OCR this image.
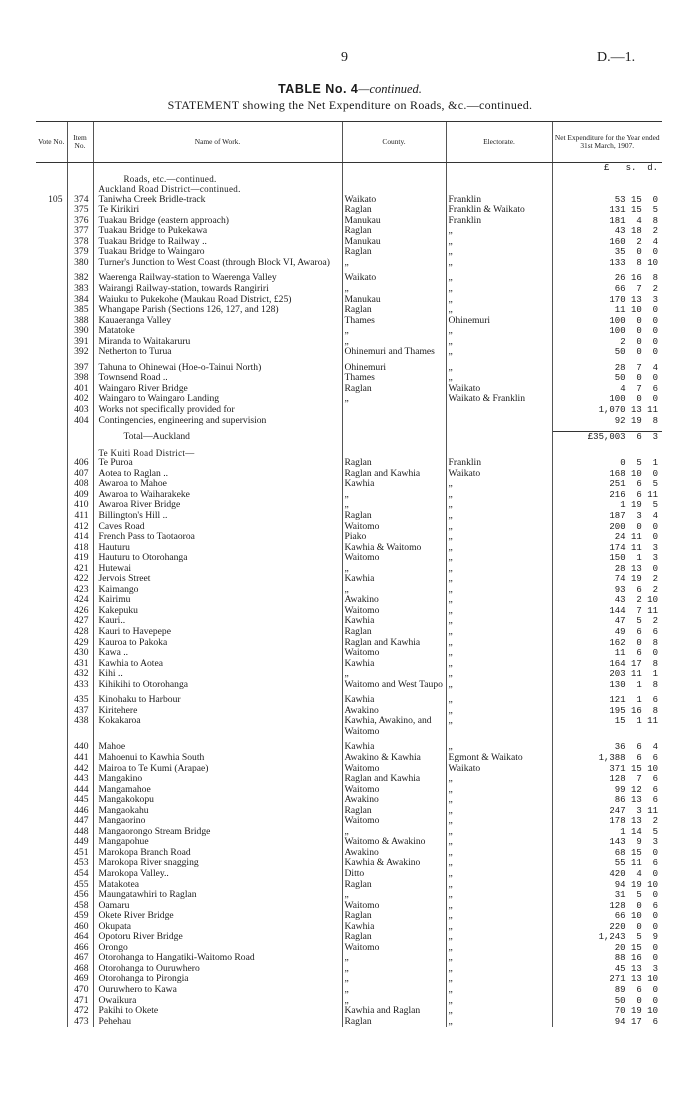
9	D.—1.
TABLE No. 4—continued.
STATEMENT showing the Net Expenditure on Roads, &c.—continued.
Vote No.	Item No.	Name of Work.	County.	Electorate.	Net Expenditure for the Year ended 31st March, 1907.
					£   s.  d.
		Roads, etc.—continued.			
		Auckland Road District—continued.			
105	374	Taniwha Creek Bridle-track	Waikato	Franklin	53 15  0
	375	Te Kirikiri	Raglan	Franklin & Waikato	131 15  5
	376	Tuakau Bridge (eastern approach)	Manukau	Franklin	181  4  8
	377	Tuakau Bridge to Pukekawa	Raglan	„	43 18  2
	378	Tuakau Bridge to Railway ..	Manukau	„	160  2  4
	379	Tuakau Bridge to Waingaro	Raglan	„	35  0  0
	380	Turner's Junction to West Coast (through Block VI, Awaroa)	„	„	133  8 10

	382	Waerenga Railway-station to Waerenga Valley	Waikato	„	26 16  8
	383	Wairangi Railway-station, towards Rangiriri	„	„	66  7  2
	384	Waiuku to Pukekohe (Maukau Road District, £25)	Manukau	„	170 13  3
	385	Whangape Parish (Sections 126, 127, and 128)	Raglan	„	11 10  0
	388	Kauaeranga Valley	Thames	Ohinemuri	100  0  0
	390	Matatoke	„	„	100  0  0
	391	Miranda to Waitakaruru	„	„	2  0  0
	392	Netherton to Turua	Ohinemuri and Thames	„	50  0  0

	397	Tahuna to Ohinewai (Hoe-o-Tainui North)	Ohinemuri	„	28  7  4
	398	Townsend Road ..	Thames	„	50  0  0
	401	Waingaro River Bridge	Raglan	Waikato	4  7  6
	402	Waingaro to Waingaro Landing	„	Waikato & Franklin	100  0  0
	403	Works not specifically provided for			1,070 13 11
	404	Contingencies, engineering and supervision			92 19  8

		Total—Auckland			£35,003  6  3

		Te Kuiti Road District—			
	406	Te Puroa	Raglan	Franklin	0  5  1
	407	Aotea to Raglan ..	Raglan and Kawhia	Waikato	168 10  0
	408	Awaroa to Mahoe	Kawhia	„	251  6  5
	409	Awaroa to Waiharakeke	„	„	216  6 11
	410	Awaroa River Bridge	„	„	1 19  5
	411	Billington's Hill ..	Raglan	„	187  3  4
	412	Caves Road	Waitomo	„	200  0  0
	414	French Pass to Taotaoroa	Piako	„	24 11  0
	418	Hauturu	Kawhia & Waitomo	„	174 11  3
	419	Hauturu to Otorohanga	Waitomo	„	150  1  3
	421	Hutewai	„	„	28 13  0
	422	Jervois Street	Kawhia	„	74 19  2
	423	Kaimango	„	„	93  6  2
	424	Kairimu	Awakino	„	43  2 10
	426	Kakepuku	Waitomo	„	144  7 11
	427	Kauri..	Kawhia	„	47  5  2
	428	Kauri to Havepepe	Raglan	„	49  6  6
	429	Kauroa to Pakoka	Raglan and Kawhia	„	162  0  8
	430	Kawa ..	Waitomo	„	11  6  0
	431	Kawhia to Aotea	Kawhia	„	164 17  8
	432	Kihi ..	„	„	203 11  1
	433	Kihikihi to Otorohanga	Waitomo and West Taupo	„	130  1  8

	435	Kinohaku to Harbour	Kawhia	„	121  1  6
	437	Kiritehere	Awakino	„	195 16  8
	438	Kokakaroa	Kawhia, Awakino, and Waitomo	„	15  1 11

	440	Mahoe	Kawhia	„	36  6  4
	441	Mahoenui to Kawhia South	Awakino & Kawhia	Egmont & Waikato	1,388  6  6
	442	Mairoa to Te Kumi (Arapae)	Waitomo	Waikato	371 15 10
	443	Mangakino	Raglan and Kawhia	„	128  7  6
	444	Mangamahoe	Waitomo	„	99 12  6
	445	Mangakokopu	Awakino	„	86 13  6
	446	Mangaokahu	Raglan	„	247  3 11
	447	Mangaorino	Waitomo	„	178 13  2
	448	Mangaorongo Stream Bridge	„	„	1 14  5
	449	Mangapohue	Waitomo & Awakino	„	143  9  3
	451	Marokopa Branch Road	Awakino	„	68 15  0
	453	Marokopa River snagging	Kawhia & Awakino	„	55 11  6
	454	Marokopa Valley..	Ditto	„	420  4  0
	455	Matakotea	Raglan	„	94 19 10
	456	Maungatawhiri to Raglan	„	„	31  5  0
	458	Oamaru	Waitomo	„	128  0  6
	459	Okete River Bridge	Raglan	„	66 10  0
	460	Okupata	Kawhia	„	220  0  0
	464	Opotoru River Bridge	Raglan	„	1,243  5  9
	466	Orongo	Waitomo	„	20 15  0
	467	Otorohanga to Hangatiki-Waitomo Road	„	„	88 16  0
	468	Otorohanga to Ouruwhero	„	„	45 13  3
	469	Otorohanga to Pirongia	„	„	271 13 10
	470	Ouruwhero to Kawa	„	„	89  6  0
	471	Owaikura	„	„	50  0  0
	472	Pakihi to Okete	Kawhia and Raglan	„	70 19 10
	473	Pehehau	Raglan	„	94 17  6
